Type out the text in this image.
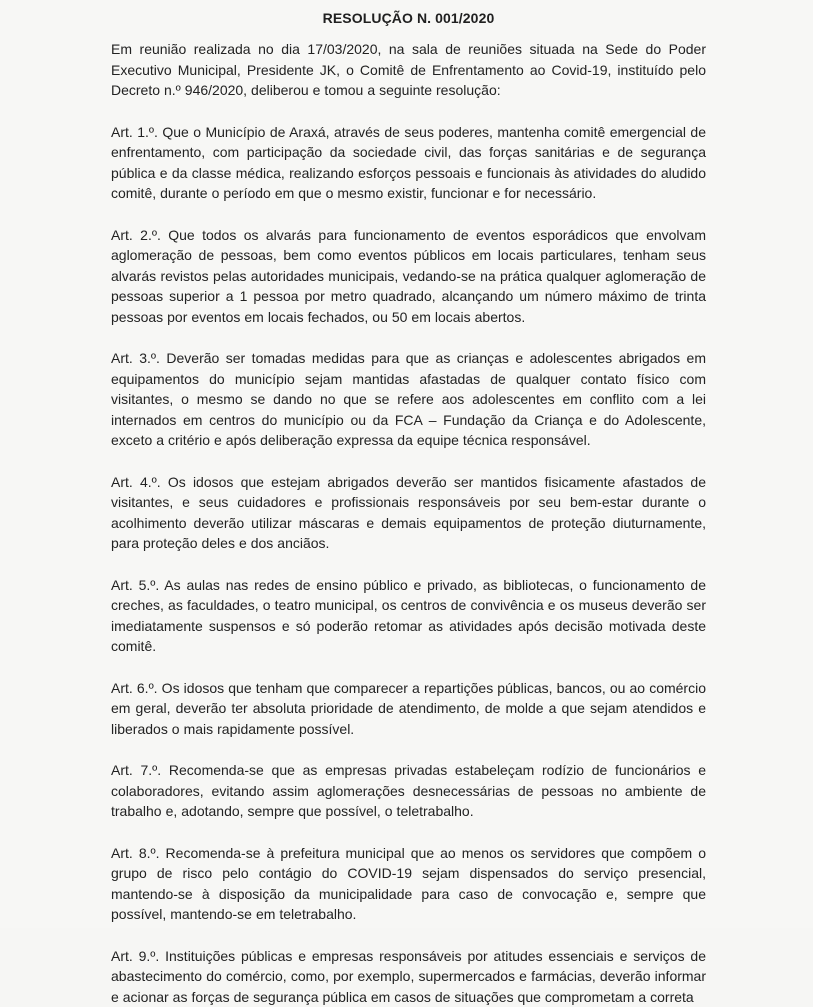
RESOLUÇÃO N. 001/2020

Em reunião realizada no dia 17/03/2020, na sala de reuniões situada na Sede do Poder Executivo Municipal, Presidente JK, o Comitê de Enfrentamento ao Covid-19, instituído pelo Decreto n.º 946/2020, deliberou e tomou a seguinte resolução:

Art. 1.º. Que o Município de Araxá, através de seus poderes, mantenha comitê emergencial de enfrentamento, com participação da sociedade civil, das forças sanitárias e de segurança pública e da classe médica, realizando esforços pessoais e funcionais às atividades do aludido comitê, durante o período em que o mesmo existir, funcionar e for necessário.

Art. 2.º. Que todos os alvarás para funcionamento de eventos esporádicos que envolvam aglomeração de pessoas, bem como eventos públicos em locais particulares, tenham seus alvarás revistos pelas autoridades municipais, vedando-se na prática qualquer aglomeração de pessoas superior a 1 pessoa por metro quadrado, alcançando um número máximo de trinta pessoas por eventos em locais fechados, ou 50 em locais abertos.

Art. 3.º. Deverão ser tomadas medidas para que as crianças e adolescentes abrigados em equipamentos do município sejam mantidas afastadas de qualquer contato físico com visitantes, o mesmo se dando no que se refere aos adolescentes em conflito com a lei internados em centros do município ou da FCA – Fundação da Criança e do Adolescente, exceto a critério e após deliberação expressa da equipe técnica responsável.

Art. 4.º. Os idosos que estejam abrigados deverão ser mantidos fisicamente afastados de visitantes, e seus cuidadores e profissionais responsáveis por seu bem-estar durante o acolhimento deverão utilizar máscaras e demais equipamentos de proteção diuturnamente, para proteção deles e dos anciãos.

Art. 5.º. As aulas nas redes de ensino público e privado, as bibliotecas, o funcionamento de creches, as faculdades, o teatro municipal, os centros de convivência e os museus deverão ser imediatamente suspensos e só poderão retomar as atividades após decisão motivada deste comitê.

Art. 6.º. Os idosos que tenham que comparecer a repartições públicas, bancos, ou ao comércio em geral, deverão ter absoluta prioridade de atendimento, de molde a que sejam atendidos e liberados o mais rapidamente possível.

Art. 7.º. Recomenda-se que as empresas privadas estabeleçam rodízio de funcionários e colaboradores, evitando assim aglomerações desnecessárias de pessoas no ambiente de trabalho e, adotando, sempre que possível, o teletrabalho.

Art. 8.º. Recomenda-se à prefeitura municipal que ao menos os servidores que compõem o grupo de risco pelo contágio do COVID-19 sejam dispensados do serviço presencial, mantendo-se à disposição da municipalidade para caso de convocação e, sempre que possível, mantendo-se em teletrabalho.

Art. 9.º. Instituições públicas e empresas responsáveis por atitudes essenciais e serviços de abastecimento do comércio, como, por exemplo, supermercados e farmácias, deverão informar e acionar as forças de segurança pública em casos de situações que comprometam a correta
